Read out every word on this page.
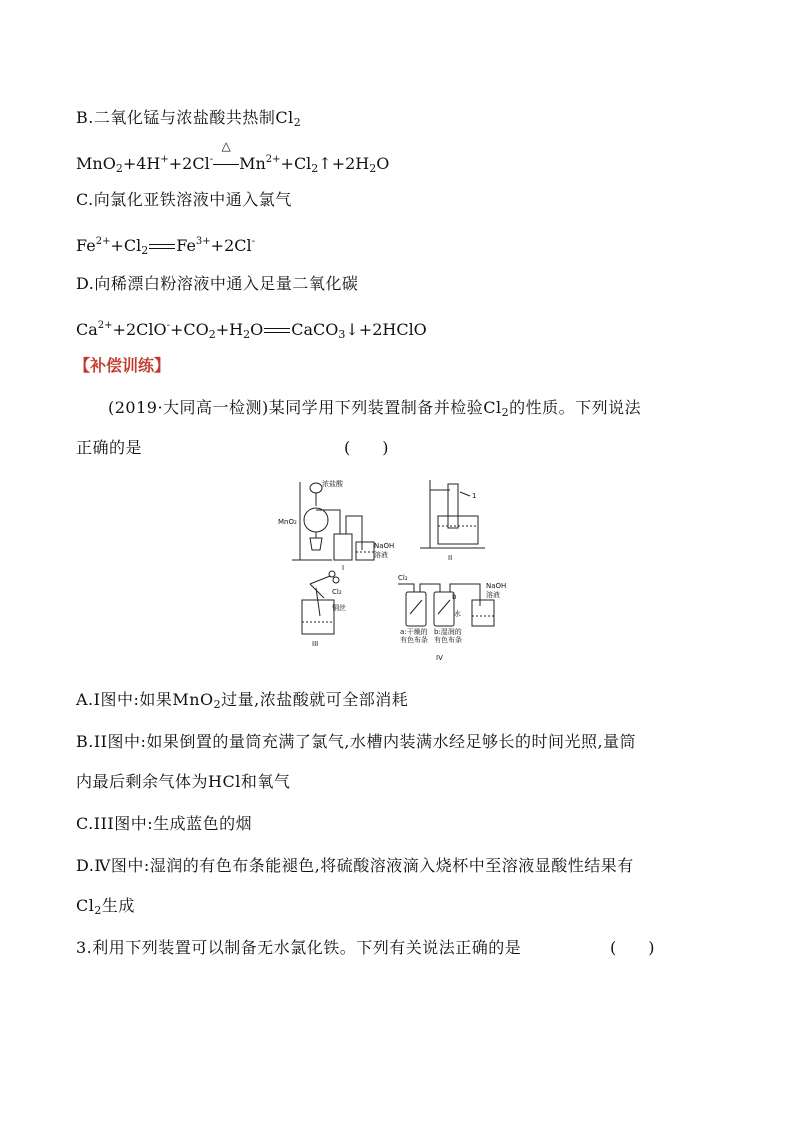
B.二氧化锰与浓盐酸共热制$Cl_2$
MnO$_2$+4H++2Cl-
△
$Mn^{2+}+Cl_2↑+2H_2O$
C.向氯化亚铁溶液中通入氯气
$Fe^{2+}+Cl_2$ $Fe^{3+}+2Cl^-$
D.向稀漂白粉溶液中通入足量二氧化碳
$Ca^{2+}+2ClO^-+CO_2+H_2O$ CaCO$_3$↓+2HClO
【补偿训练】
(2019·大同高一检测)某同学用下列装置制备并检验$Cl_2$的性质。下列说法
正确的是	(　　)
浓盐酸
MnO₂
NaOH
溶液
I
1
II
Cl₂
铜丝
III
Cl₂
b
水
a:干燥的
有色布条
b:湿润的
有色布条
NaOH
溶液
IV
A.Ⅰ图中:如果MnO$_2$过量,浓盐酸就可全部消耗
B.II图中:如果倒置的量筒充满了氯气,水槽内装满水经足够长的时间光照,量筒
内最后剩余气体为HCl和氧气
C.III图中:生成蓝色的烟
D.Ⅳ图中:湿润的有色布条能褪色,将硫酸溶液滴入烧杯中至溶液显酸性结果有
$Cl_2$生成
3.利用下列装置可以制备无水氯化铁。下列有关说法正确的是	(　　)
